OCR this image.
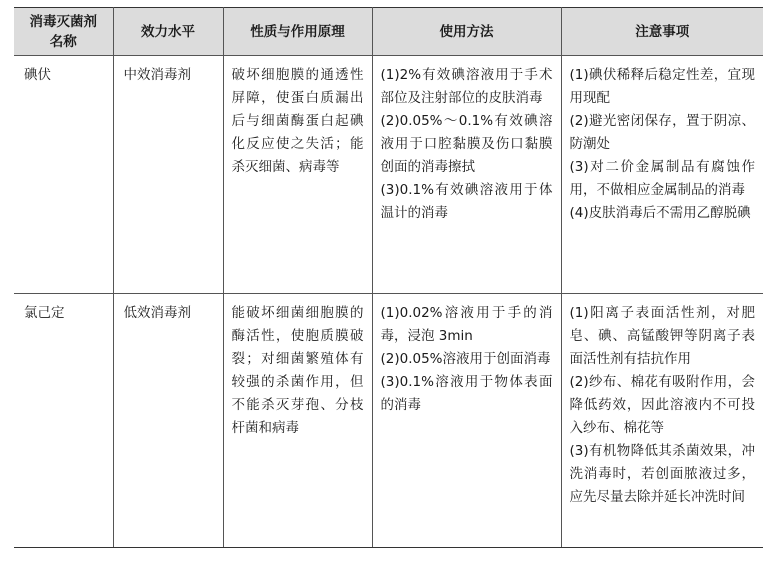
消毒灭菌剂
名称	效力水平	性质与作用原理	使用方法	注意事项

碘伏	中效消毒剂	破坏细胞膜的通透性屏障，使蛋白质漏出后与细菌酶蛋白起碘化反应使之失活；能杀灭细菌、病毒等	(1)2%有效碘溶液用于手术部位及注射部位的皮肤消毒
(2)0.05%～0.1%有效碘溶液用于口腔黏膜及伤口黏膜创面的消毒擦拭
(3)0.1%有效碘溶液用于体温计的消毒	(1)碘伏稀释后稳定性差，宜现用现配
(2)避光密闭保存，置于阴凉、防潮处
(3)对二价金属制品有腐蚀作用，不做相应金属制品的消毒
(4)皮肤消毒后不需用乙醇脱碘

氯己定	低效消毒剂	能破坏细菌细胞膜的酶活性，使胞质膜破裂；对细菌繁殖体有较强的杀菌作用，但不能杀灭芽孢、分枝杆菌和病毒	(1)0.02%溶液用于手的消毒，浸泡 3min
(2)0.05%溶液用于创面消毒
(3)0.1%溶液用于物体表面的消毒	(1)阳离子表面活性剂，对肥皂、碘、高锰酸钾等阴离子表面活性剂有拮抗作用
(2)纱布、棉花有吸附作用，会降低药效，因此溶液内不可投入纱布、棉花等
(3)有机物降低其杀菌效果，冲洗消毒时，若创面脓液过多，应先尽量去除并延长冲洗时间
